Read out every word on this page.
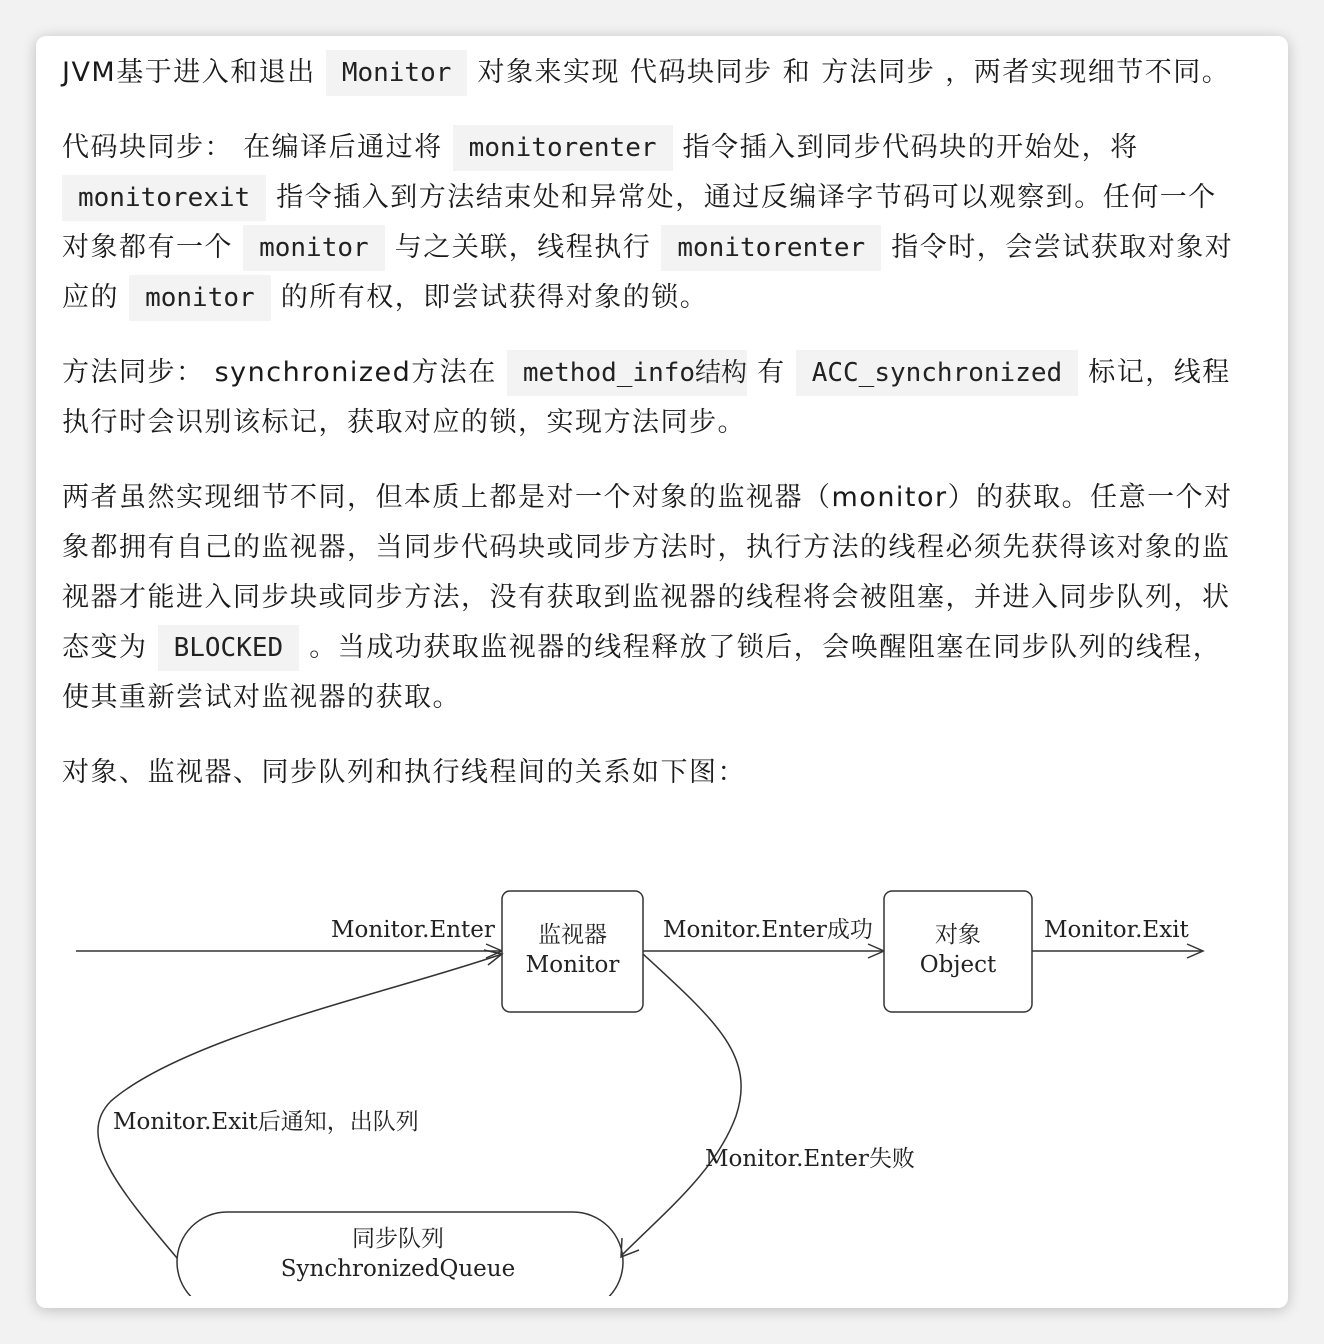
JVM基于进入和退出 Monitor 对象来实现 代码块同步 和 方法同步 ，两者实现细节不同。

代码块同步： 在编译后通过将 monitorenter 指令插入到同步代码块的开始处，将 monitorexit 指令插入到方法结束处和异常处，通过反编译字节码可以观察到。任何一个对象都有一个 monitor 与之关联，线程执行 monitorenter 指令时，会尝试获取对象对应的 monitor 的所有权，即尝试获得对象的锁。

方法同步： synchronized方法在 method_info结构 有 ACC_synchronized 标记，线程执行时会识别该标记，获取对应的锁，实现方法同步。

两者虽然实现细节不同，但本质上都是对一个对象的监视器（monitor）的获取。任意一个对象都拥有自己的监视器，当同步代码块或同步方法时，执行方法的线程必须先获得该对象的监视器才能进入同步块或同步方法，没有获取到监视器的线程将会被阻塞，并进入同步队列，状态变为 BLOCKED 。当成功获取监视器的线程释放了锁后，会唤醒阻塞在同步队列的线程，使其重新尝试对监视器的获取。

对象、监视器、同步队列和执行线程间的关系如下图：

监视器
Monitor
对象
Object
同步队列
SynchronizedQueue
Monitor.Enter	Monitor.Enter成功	Monitor.Exit
Monitor.Exit后通知，出队列
Monitor.Enter失败
